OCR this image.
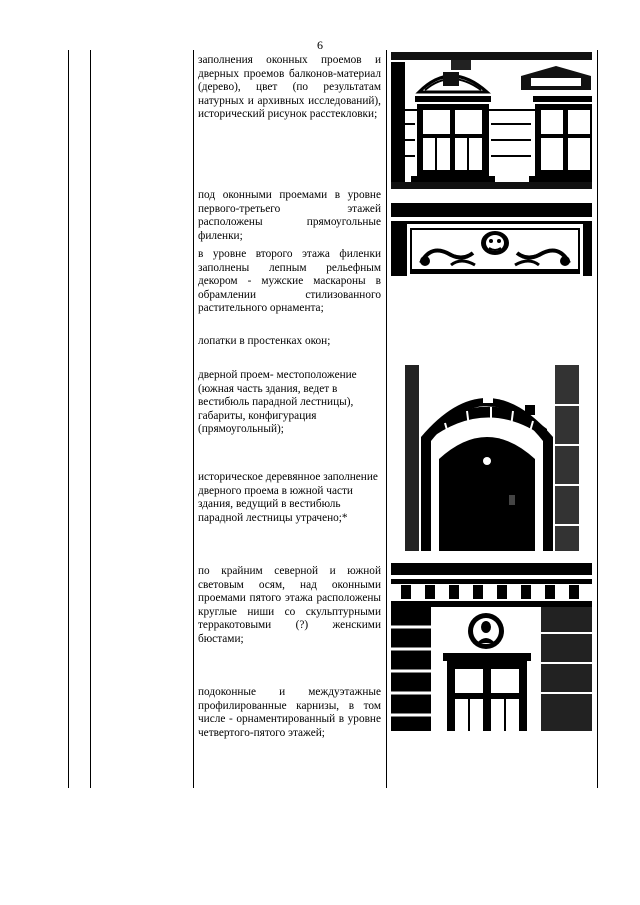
6

заполнения оконных проемов и дверных проемов балконов-материал (дерево), цвет (по результатам натурных и архивных исследований), исторический рисунок расстекловки;

под оконными проемами в уровне первого-третьего этажей расположены прямоугольные филенки;

в уровне второго этажа филенки заполнены лепным рельефным декором - мужские маскароны в обрамлении стилизованного растительного орнамента;

лопатки в простенках окон;

дверной проем- местоположение (южная часть здания, ведет в вестибюль парадной лестницы), габариты, конфигурация (прямоугольный);

историческое деревянное заполнение дверного проема в южной части здания, ведущий в вестибюль парадной лестницы утрачено;*

по крайним северной и южной световым осям, над оконными проемами пятого этажа расположены круглые ниши со скульптурными терракотовыми (?) женскими бюстами;

подоконные и междуэтажные профилированные карнизы, в том числе - орнаментированный в уровне четвертого-пятого этажей;
